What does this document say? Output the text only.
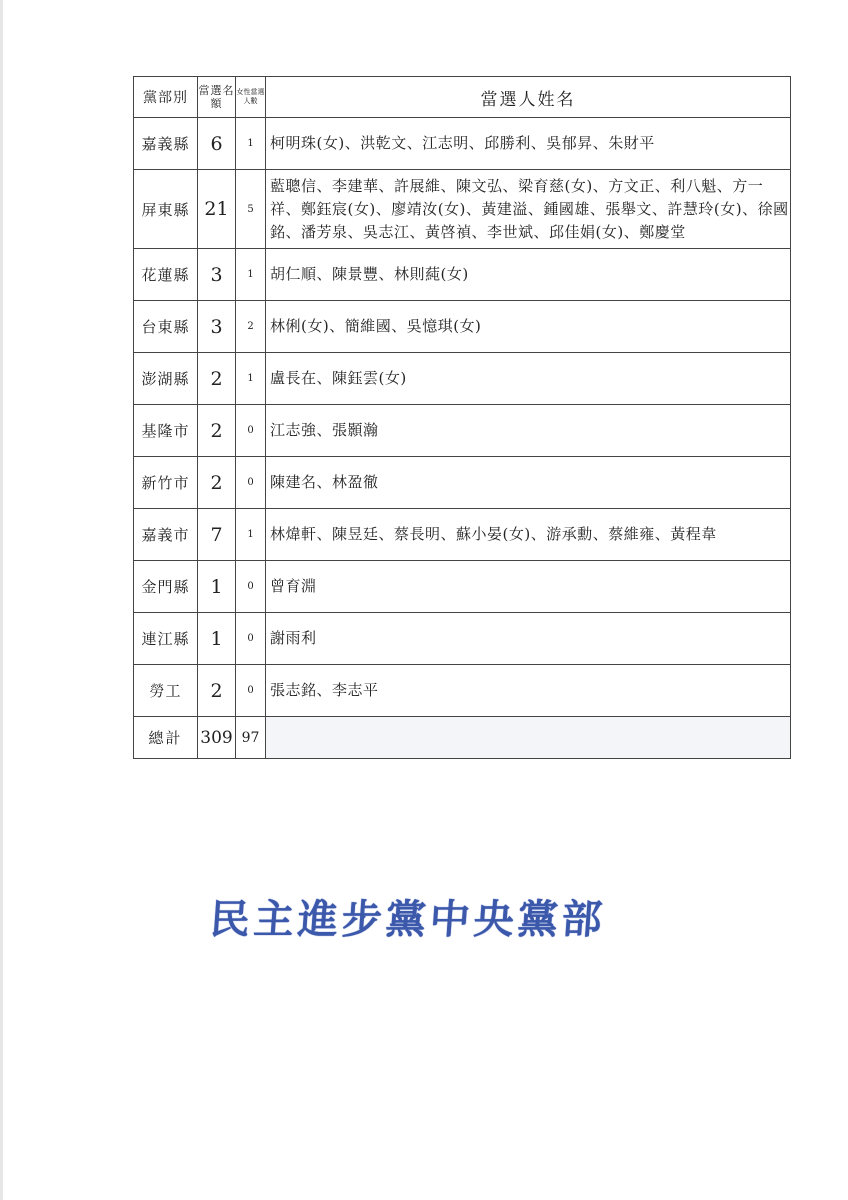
黨部別	當選名額	女性當選人數	當選人姓名
嘉義縣	6	1	柯明珠(女)、洪乾文、江志明、邱勝利、吳郁昇、朱財平
屏東縣	21	5	藍聰信、李建華、許展維、陳文弘、梁育慈(女)、方文正、利八魁、方一祥、鄭鈺宸(女)、廖靖汝(女)、黃建溢、鍾國雄、張舉文、許慧玲(女)、徐國銘、潘芳泉、吳志江、黃啓禎、李世斌、邱佳娟(女)、鄭慶堂
花蓮縣	3	1	胡仁順、陳景豐、林則蒓(女)
台東縣	3	2	林俐(女)、簡維國、吳憶琪(女)
澎湖縣	2	1	盧長在、陳鈺雲(女)
基隆市	2	0	江志強、張顥瀚
新竹市	2	0	陳建名、林盈徹
嘉義市	7	1	林煒軒、陳昱廷、蔡長明、蘇小晏(女)、游承勳、蔡維雍、黃程韋
金門縣	1	0	曾育淵
連江縣	1	0	謝雨利
勞工	2	0	張志銘、李志平
總計	309	97	
民主進步黨中央黨部
